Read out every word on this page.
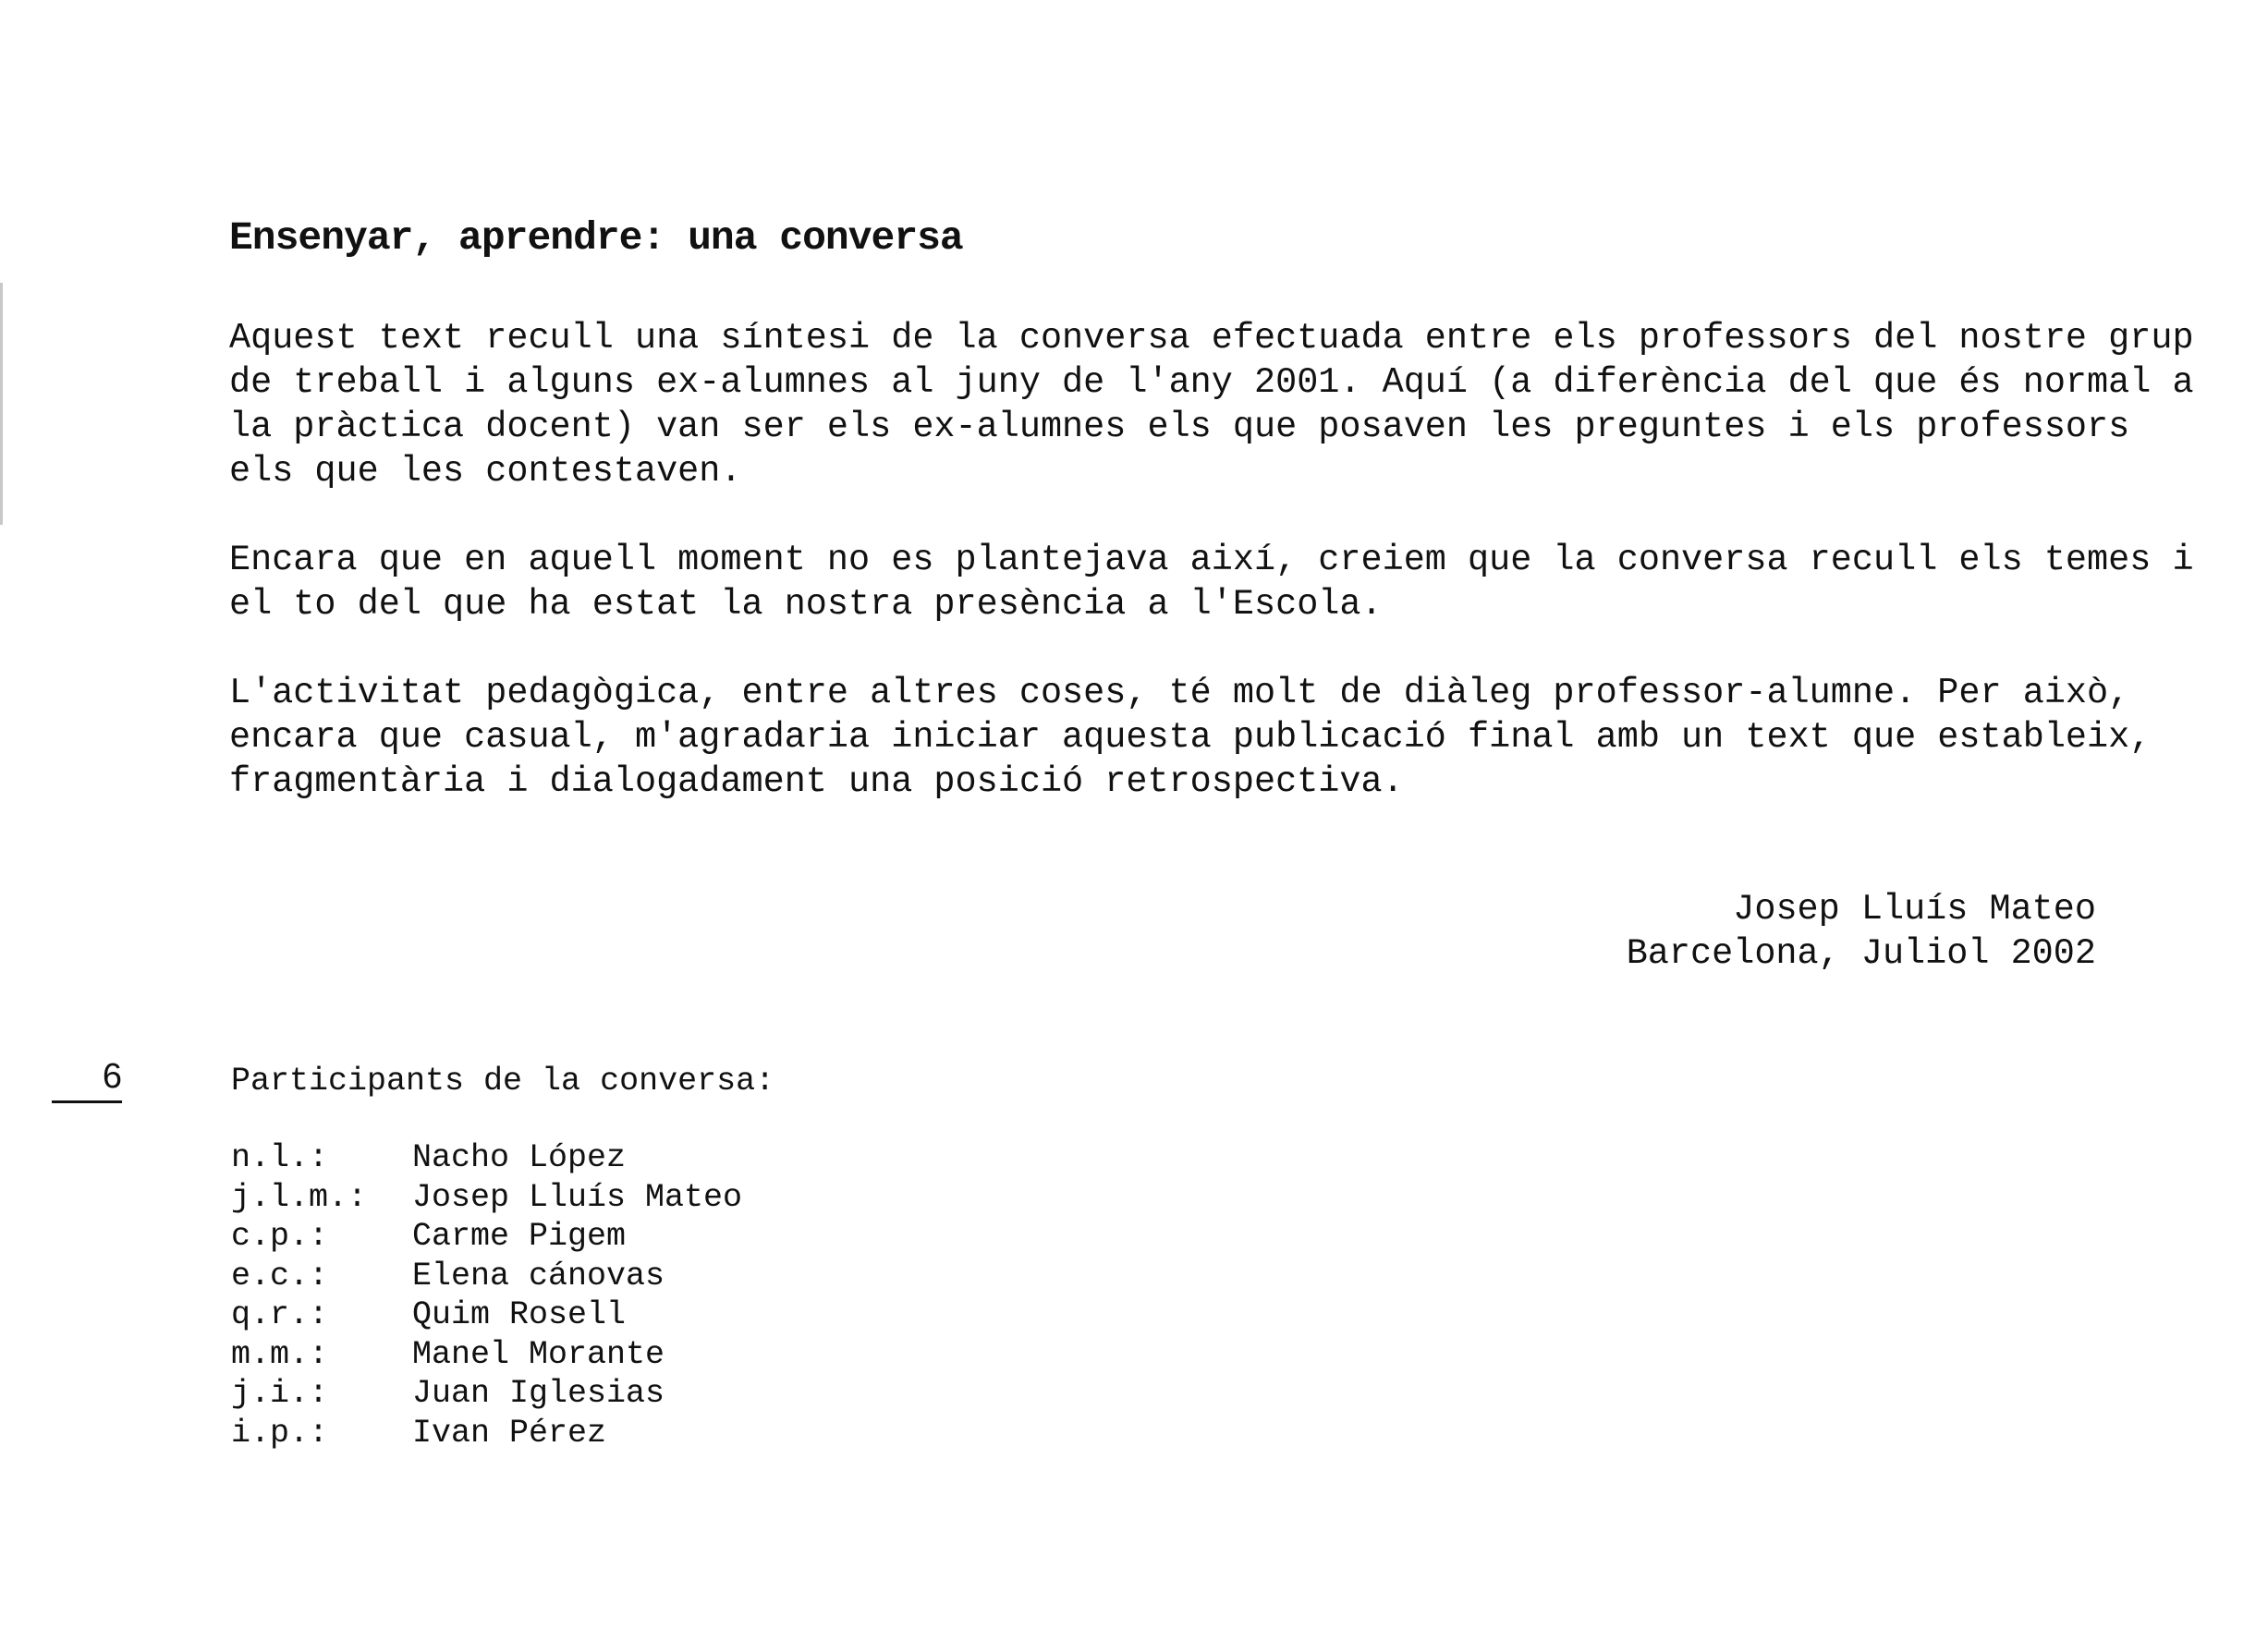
Ensenyar, aprendre: una conversa

Aquest text recull una síntesi de la conversa efectuada entre els professors del nostre grup
de treball i alguns ex-alumnes al juny de l'any 2001. Aquí (a diferència del que és normal a
la pràctica docent) van ser els ex-alumnes els que posaven les preguntes i els professors
els que les contestaven.

Encara que en aquell moment no es plantejava així, creiem que la conversa recull els temes i
el to del que ha estat la nostra presència a l'Escola.

L'activitat pedagògica, entre altres coses, té molt de diàleg professor-alumne. Per això,
encara que casual, m'agradaria iniciar aquesta publicació final amb un text que estableix,
fragmentària i dialogadament una posició retrospectiva.

Josep Lluís Mateo
Barcelona, Juliol 2002
6	Participants de la conversa:

n.l.:	Nacho López
j.l.m.:	Josep Lluís Mateo
c.p.:	Carme Pigem
e.c.:	Elena cánovas
q.r.:	Quim Rosell
m.m.:	Manel Morante
j.i.:	Juan Iglesias
i.p.:	Ivan Pérez
